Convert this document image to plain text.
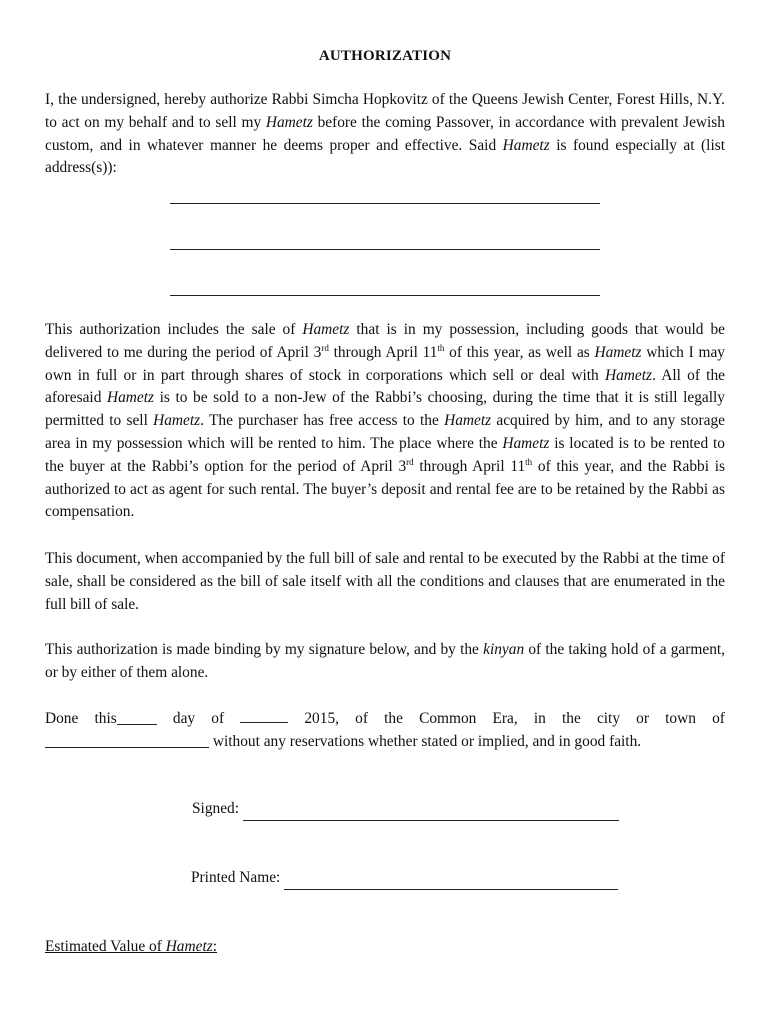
AUTHORIZATION
I, the undersigned, hereby authorize Rabbi Simcha Hopkovitz of the Queens Jewish Center, Forest Hills, N.Y. to act on my behalf and to sell my Hametz before the coming Passover, in accordance with prevalent Jewish custom, and in whatever manner he deems proper and effective. Said Hametz is found especially at (list address(s)):
This authorization includes the sale of Hametz that is in my possession, including goods that would be delivered to me during the period of April 3rd through April 11th of this year, as well as Hametz which I may own in full or in part through shares of stock in corporations which sell or deal with Hametz. All of the aforesaid Hametz is to be sold to a non-Jew of the Rabbi’s choosing, during the time that it is still legally permitted to sell Hametz. The purchaser has free access to the Hametz acquired by him, and to any storage area in my possession which will be rented to him. The place where the Hametz is located is to be rented to the buyer at the Rabbi’s option for the period of April 3rd through April 11th of this year, and the Rabbi is authorized to act as agent for such rental. The buyer’s deposit and rental fee are to be retained by the Rabbi as compensation.
This document, when accompanied by the full bill of sale and rental to be executed by the Rabbi at the time of sale, shall be considered as the bill of sale itself with all the conditions and clauses that are enumerated in the full bill of sale.
This authorization is made binding by my signature below, and by the kinyan of the taking hold of a garment, or by either of them alone.
Done this	day of	2015, of the Common Era, in the city or town of
without any reservations whether stated or implied, and in good faith.
Signed:
Printed Name:
Estimated Value of Hametz:
